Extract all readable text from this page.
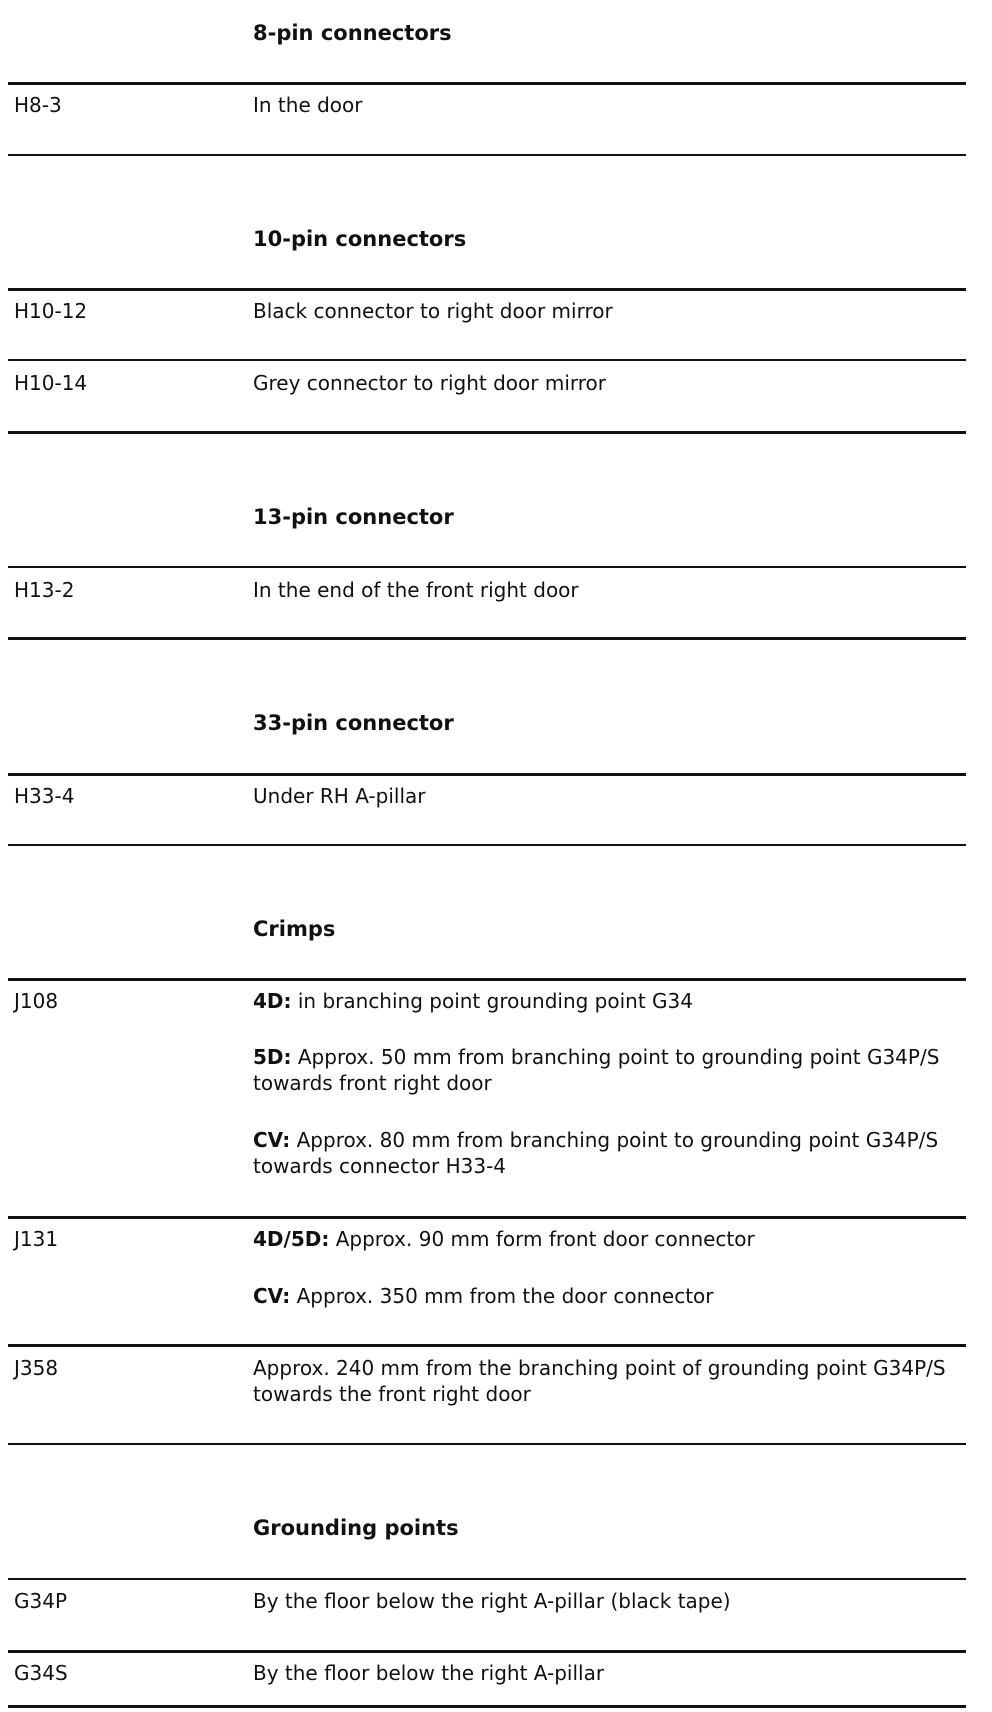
8-pin connectors
H8-3	In the door

10-pin connectors
H10-12	Black connector to right door mirror

H10-14	Grey connector to right door mirror

13-pin connector
H13-2	In the end of the front right door

33-pin connector
H33-4	Under RH A-pillar

Crimps
J108	4D: in branching point grounding point G34

5D: Approx. 50 mm from branching point to grounding point G34P/S towards front right door

CV: Approx. 80 mm from branching point to grounding point G34P/S towards connector H33-4

J131	4D/5D: Approx. 90 mm form front door connector

CV: Approx. 350 mm from the door connector

J358	Approx. 240 mm from the branching point of grounding point G34P/S towards the front right door

Grounding points
G34P	By the floor below the right A-pillar (black tape)

G34S	By the floor below the right A-pillar
